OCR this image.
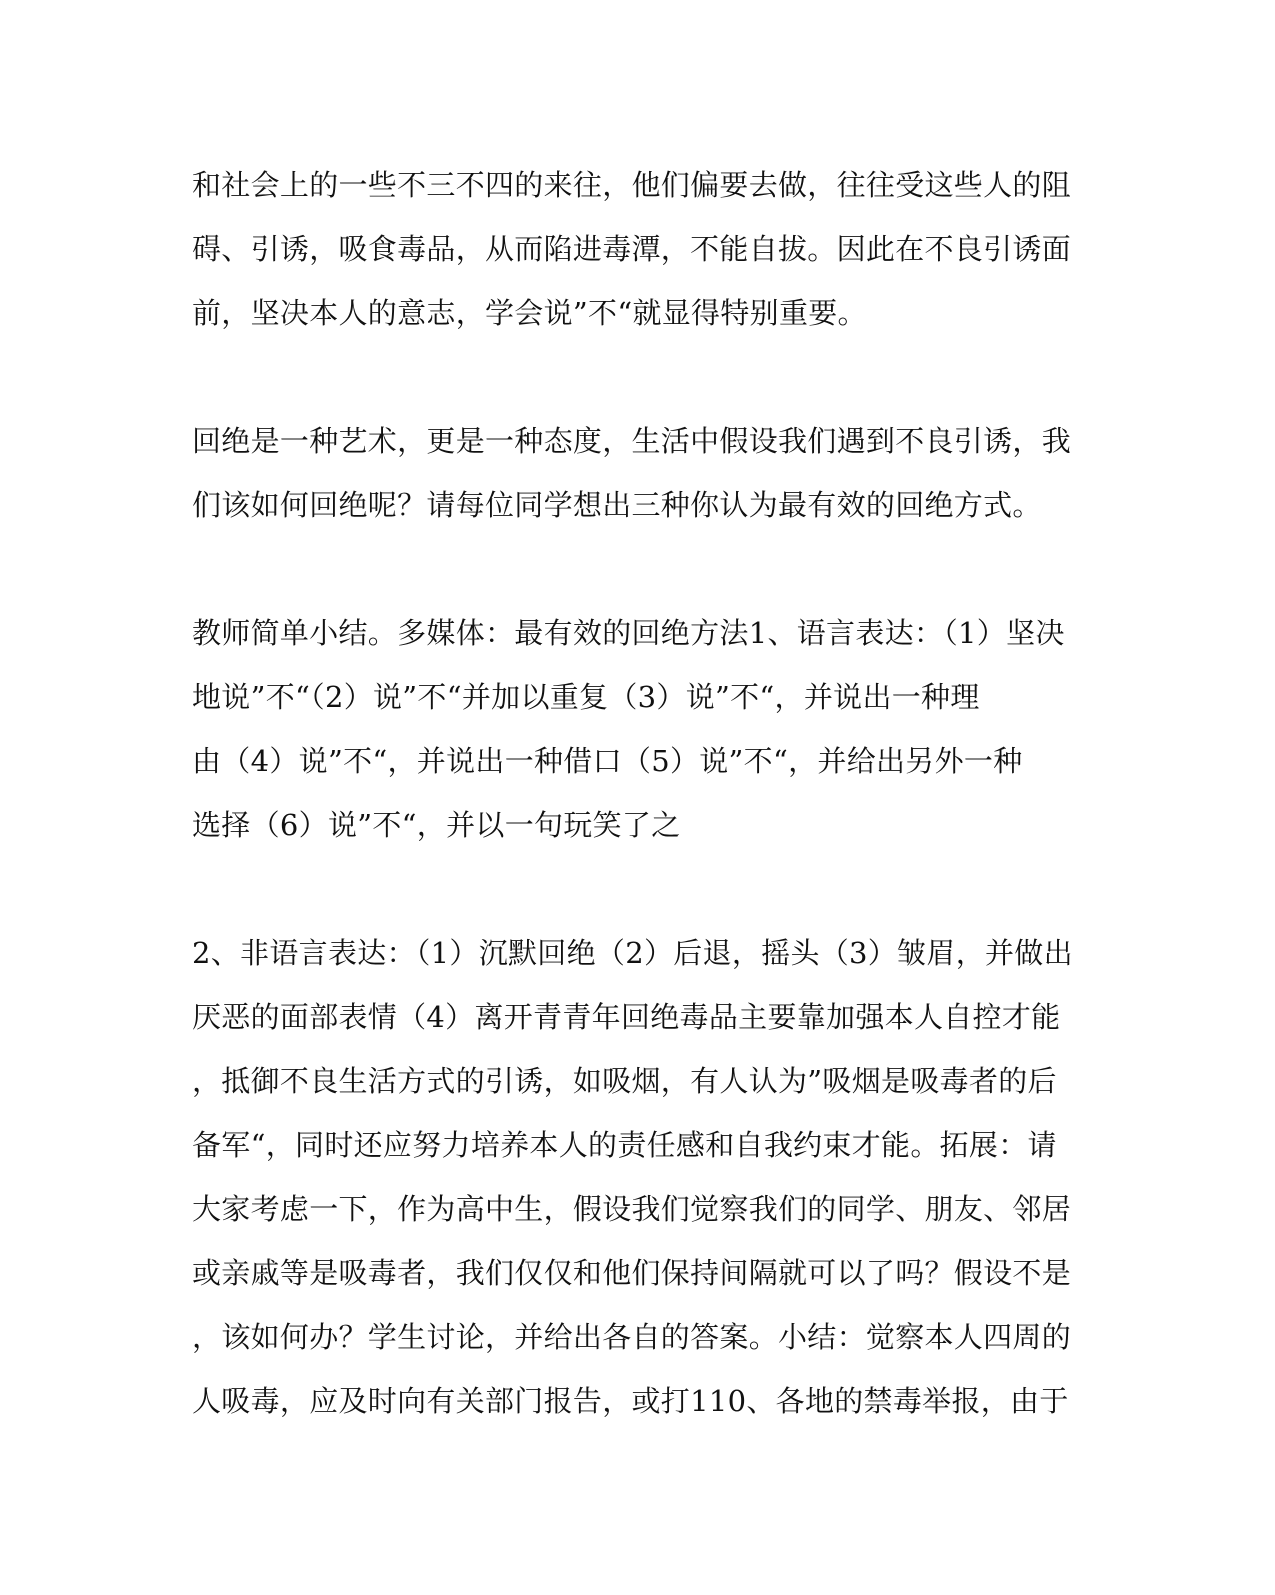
和社会上的一些不三不四的来往，他们偏要去做，往往受这些人的阻
碍、引诱，吸食毒品，从而陷进毒潭，不能自拔。因此在不良引诱面
前，坚决本人的意志，学会说”不“就显得特别重要。
回绝是一种艺术，更是一种态度，生活中假设我们遇到不良引诱，我
们该如何回绝呢？请每位同学想出三种你认为最有效的回绝方式。
教师简单小结。多媒体：最有效的回绝方法1、语言表达：（1）坚决
地说”不“（2）说”不“并加以重复（3）说”不“，并说出一种理
由（4）说”不“，并说出一种借口（5）说”不“，并给出另外一种
选择（6）说”不“，并以一句玩笑了之
2、非语言表达：（1）沉默回绝（2）后退，摇头（3）皱眉，并做出
厌恶的面部表情（4）离开青青年回绝毒品主要靠加强本人自控才能
，抵御不良生活方式的引诱，如吸烟，有人认为”吸烟是吸毒者的后
备军“，同时还应努力培养本人的责任感和自我约束才能。拓展：请
大家考虑一下，作为高中生，假设我们觉察我们的同学、朋友、邻居
或亲戚等是吸毒者，我们仅仅和他们保持间隔就可以了吗？假设不是
，该如何办？学生讨论，并给出各自的答案。小结：觉察本人四周的
人吸毒，应及时向有关部门报告，或打110、各地的禁毒举报，由于
